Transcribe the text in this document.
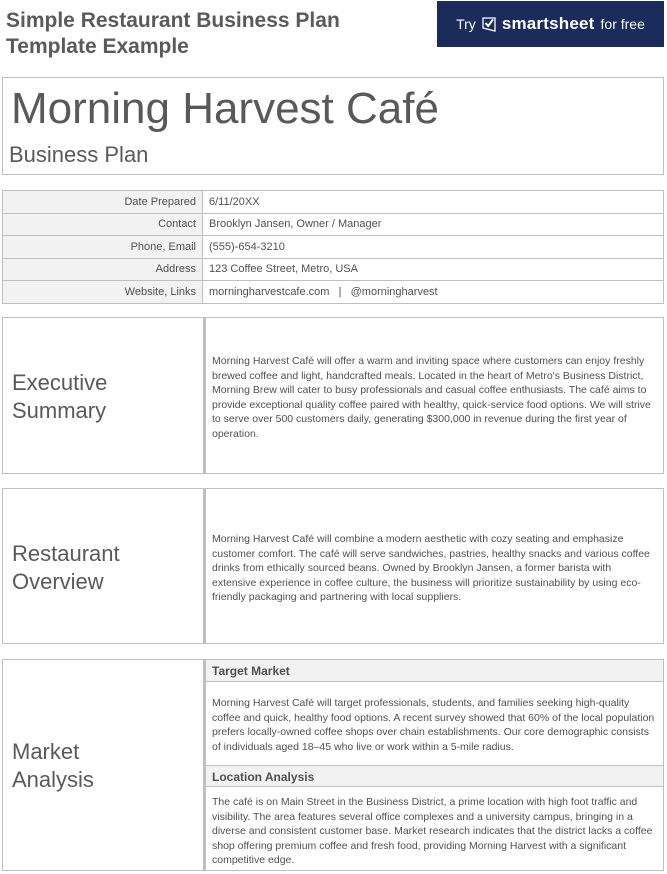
Simple Restaurant Business Plan Template Example
Try smartsheet for free
Morning Harvest Café
Business Plan
Date Prepared	6/11/20XX
Contact	Brooklyn Jansen, Owner / Manager
Phone, Email	(555)-654-3210
Address	123 Coffee Street, Metro, USA
Website, Links	morningharvestcafe.com   |   @morningharvest
Executive
Summary
Morning Harvest Café will offer a warm and inviting space where customers can enjoy freshly brewed coffee and light, handcrafted meals. Located in the heart of Metro's Business District, Morning Brew will cater to busy professionals and casual coffee enthusiasts. The café aims to provide exceptional quality coffee paired with healthy, quick-service food options. We will strive to serve over 500 customers daily, generating $300,000 in revenue during the first year of operation.
Restaurant
Overview
Morning Harvest Café will combine a modern aesthetic with cozy seating and emphasize customer comfort. The café will serve sandwiches, pastries, healthy snacks and various coffee drinks from ethically sourced beans. Owned by Brooklyn Jansen, a former barista with extensive experience in coffee culture, the business will prioritize sustainability by using eco-friendly packaging and partnering with local suppliers.
Market
Analysis
Target Market
Morning Harvest Café will target professionals, students, and families seeking high-quality coffee and quick, healthy food options. A recent survey showed that 60% of the local population prefers locally-owned coffee shops over chain establishments. Our core demographic consists of individuals aged 18–45 who live or work within a 5-mile radius.
Location Analysis
The café is on Main Street in the Business District, a prime location with high foot traffic and visibility. The area features several office complexes and a university campus, bringing in a diverse and consistent customer base. Market research indicates that the district lacks a coffee shop offering premium coffee and fresh food, providing Morning Harvest with a significant competitive edge.
